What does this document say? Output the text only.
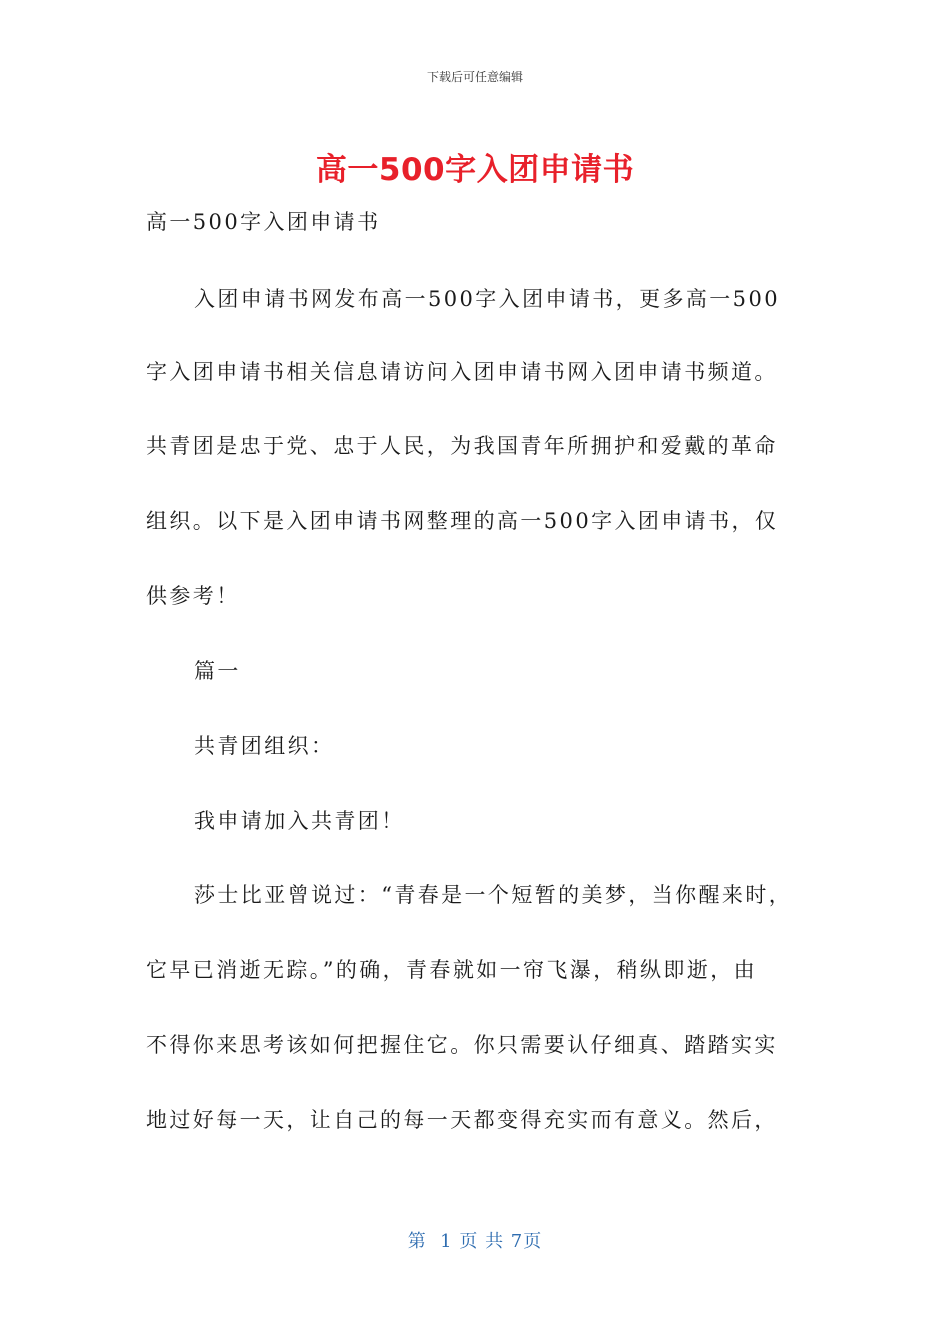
下载后可任意编辑
高一500字入团申请书
高一500字入团申请书
入团申请书网发布高一500字入团申请书，更多高一500
字入团申请书相关信息请访问入团申请书网入团申请书频道。
共青团是忠于党、忠于人民，为我国青年所拥护和爱戴的革命
组织。以下是入团申请书网整理的高一500字入团申请书，仅
供参考！
篇一
共青团组织：
我申请加入共青团！
莎士比亚曾说过：“青春是一个短暂的美梦，当你醒来时，
它早已消逝无踪。”的确，青春就如一帘飞瀑，稍纵即逝，由
不得你来思考该如何把握住它。你只需要认仔细真、踏踏实实
地过好每一天，让自己的每一天都变得充实而有意义。然后，
第  1 页 共 7页
